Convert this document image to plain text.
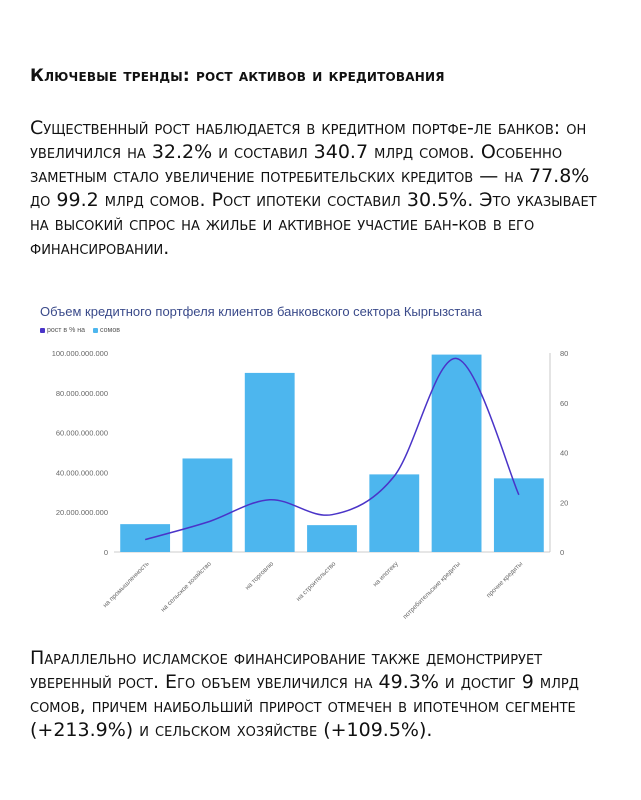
Ключевые тренды: рост активов и кредитования

Существенный рост наблюдается в кредитном портфе-ле банков: он увеличился на 32.2% и составил 340.7 млрд сомов. Особенно заметным стало увеличение потребительских кредитов — на 77.8% до 99.2 млрд сомов. Рост ипотеки составил 30.5%. Это указывает на высокий спрос на жилье и активное участие бан-ков в его финансировании.

Объем кредитного портфеля клиентов банковского сектора Кыргызстана

рост в % на сомов
0
20.000.000.000
40.000.000.000
60.000.000.000
80.000.000.000
100.000.000.000
0
20
40
60
80
на промышленность на сельское хозяйство	на торговлю	на строительство	на ипотеку потребительские кредиты	прочие кредиты

Параллельно исламское финансирование также демонстрирует уверенный рост. Его объем увеличился на 49.3% и достиг 9 млрд сомов, причем наибольший прирост отмечен в ипотечном сегменте (+213.9%) и сельском хозяйстве (+109.5%).
